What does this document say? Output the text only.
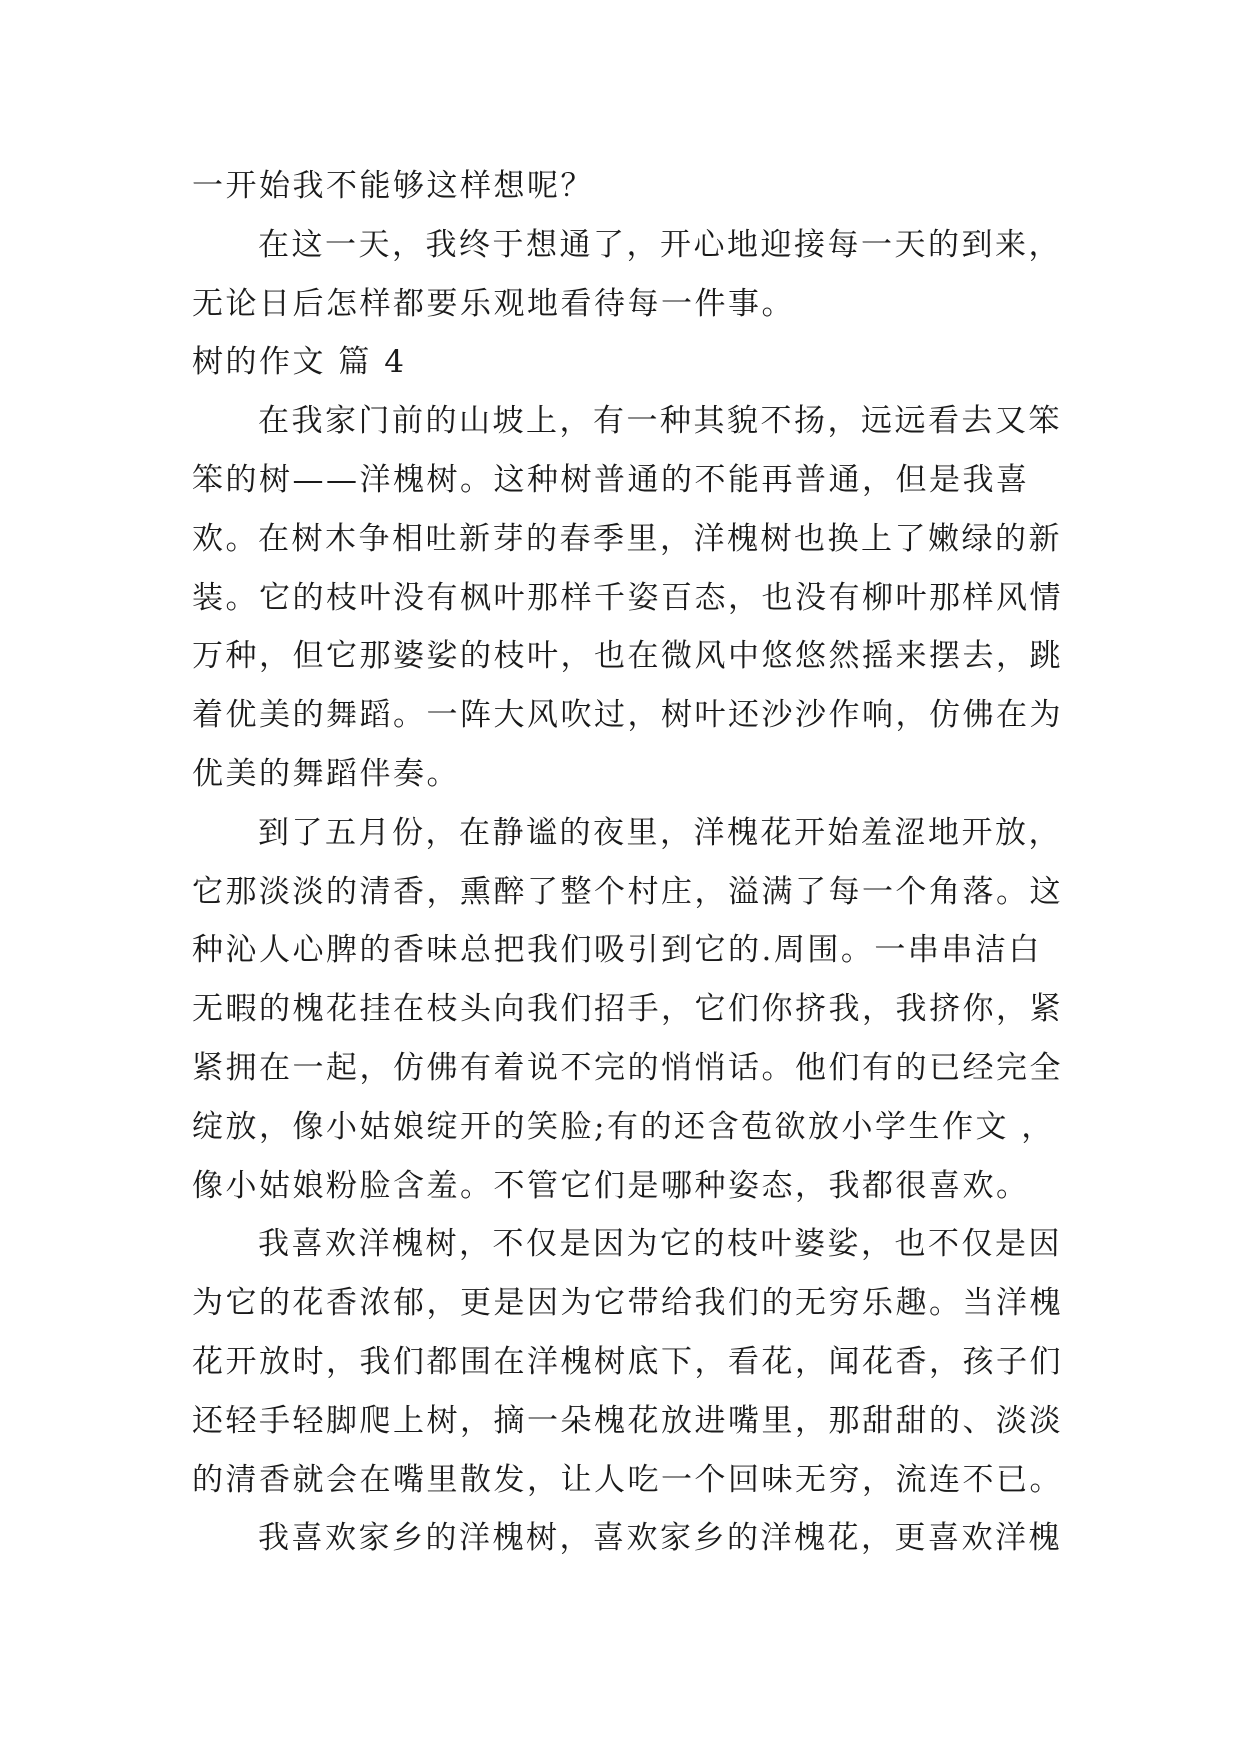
一开始我不能够这样想呢？
在这一天，我终于想通了，开心地迎接每一天的到来，
无论日后怎样都要乐观地看待每一件事。
树的作文 篇 4
在我家门前的山坡上，有一种其貌不扬，远远看去又笨
笨的树——洋槐树。这种树普通的不能再普通，但是我喜欢。 在树木争相吐新芽的春季里，洋槐树也换上了嫩绿的新
装。它的枝叶没有枫叶那样千姿百态，也没有柳叶那样风情
万种，但它那婆娑的枝叶，也在微风中悠悠然摇来摆去，跳
着优美的舞蹈。一阵大风吹过，树叶还沙沙作响，仿佛在为
优美的舞蹈伴奏。
到了五月份，在静谧的夜里，洋槐花开始羞涩地开放，
它那淡淡的清香，熏醉了整个村庄，溢满了每一个角落。这
种沁人心脾的香味总把我们吸引到它的.周围。一串串洁白
无暇的槐花挂在枝头向我们招手，它们你挤我，我挤你，紧
紧拥在一起，仿佛有着说不完的悄悄话。他们有的已经完全
绽放，像小姑娘绽开的笑脸;有的还含苞欲放小学生作文 ，
像小姑娘粉脸含羞。不管它们是哪种姿态，我都很喜欢。
我喜欢洋槐树，不仅是因为它的枝叶婆娑，也不仅是因
为它的花香浓郁，更是因为它带给我们的无穷乐趣。当洋槐
花开放时，我们都围在洋槐树底下，看花，闻花香，孩子们
还轻手轻脚爬上树，摘一朵槐花放进嘴里，那甜甜的、淡淡
的清香就会在嘴里散发，让人吃一个回味无穷，流连不已。
我喜欢家乡的洋槐树，喜欢家乡的洋槐花，更喜欢洋槐
